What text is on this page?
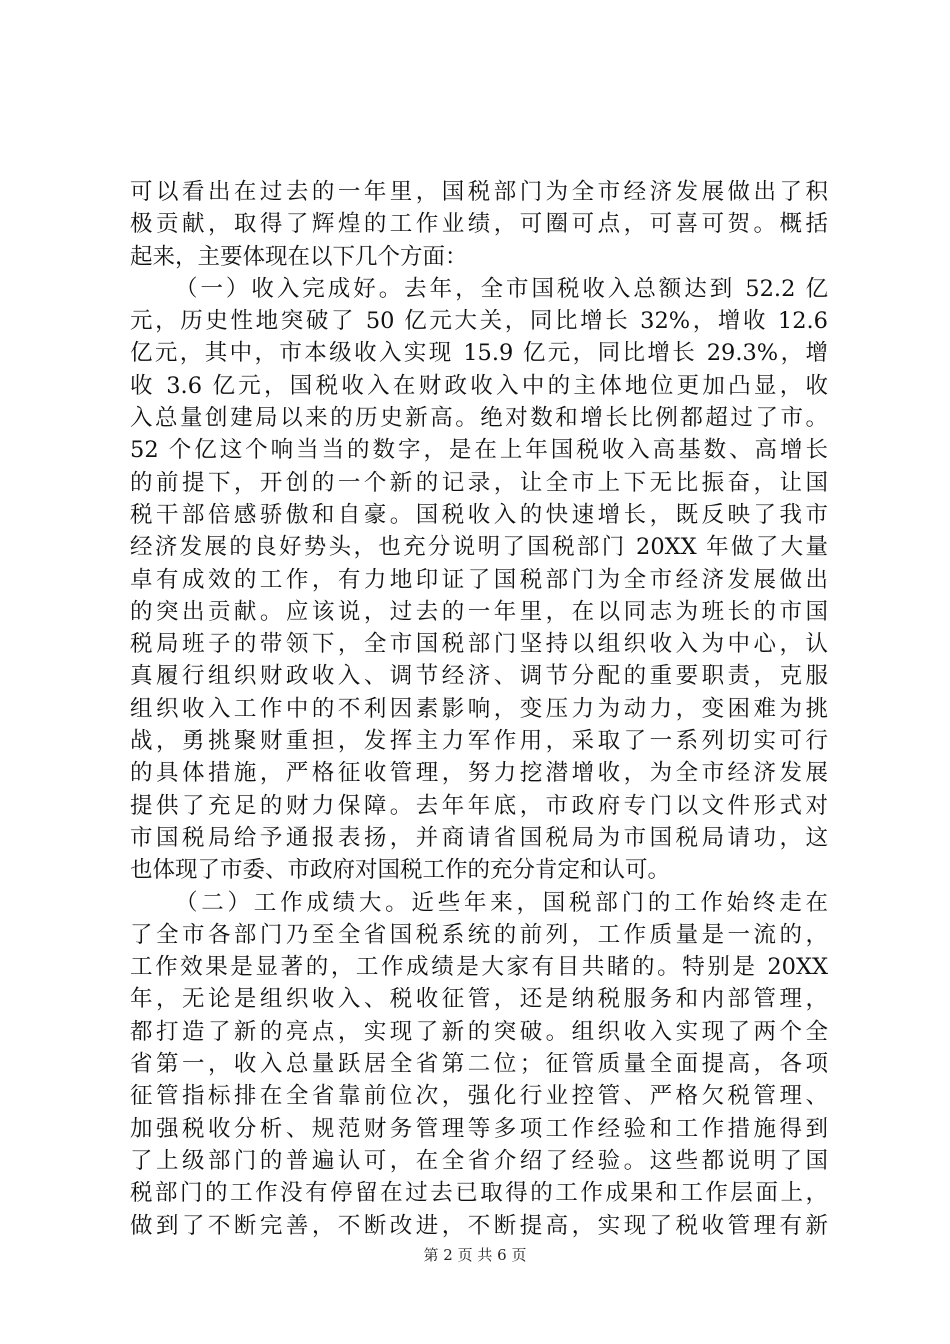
可以看出在过去的一年里，国税部门为全市经济发展做出了积
极贡献，取得了辉煌的工作业绩，可圈可点，可喜可贺。概括
起来，主要体现在以下几个方面：
（一）收入完成好。去年，全市国税收入总额达到 52.2 亿
元，历史性地突破了 50 亿元大关，同比增长 32%，增收 12.6
亿元，其中，市本级收入实现 15.9 亿元，同比增长 29.3%，增
收 3.6 亿元，国税收入在财政收入中的主体地位更加凸显，收
入总量创建局以来的历史新高。绝对数和增长比例都超过了市。
52 个亿这个响当当的数字，是在上年国税收入高基数、高增长
的前提下，开创的一个新的记录，让全市上下无比振奋，让国
税干部倍感骄傲和自豪。国税收入的快速增长，既反映了我市
经济发展的良好势头，也充分说明了国税部门 20XX 年做了大量
卓有成效的工作，有力地印证了国税部门为全市经济发展做出
的突出贡献。应该说，过去的一年里，在以同志为班长的市国
税局班子的带领下，全市国税部门坚持以组织收入为中心，认
真履行组织财政收入、调节经济、调节分配的重要职责，克服
组织收入工作中的不利因素影响，变压力为动力，变困难为挑
战，勇挑聚财重担，发挥主力军作用，采取了一系列切实可行
的具体措施，严格征收管理，努力挖潜增收，为全市经济发展
提供了充足的财力保障。去年年底，市政府专门以文件形式对
市国税局给予通报表扬，并商请省国税局为市国税局请功，这
也体现了市委、市政府对国税工作的充分肯定和认可。
（二）工作成绩大。近些年来，国税部门的工作始终走在
了全市各部门乃至全省国税系统的前列，工作质量是一流的，
工作效果是显著的，工作成绩是大家有目共睹的。特别是 20XX
年，无论是组织收入、税收征管，还是纳税服务和内部管理，
都打造了新的亮点，实现了新的突破。组织收入实现了两个全
省第一，收入总量跃居全省第二位；征管质量全面提高，各项
征管指标排在全省靠前位次，强化行业控管、严格欠税管理、
加强税收分析、规范财务管理等多项工作经验和工作措施得到
了上级部门的普遍认可，在全省介绍了经验。这些都说明了国
税部门的工作没有停留在过去已取得的工作成果和工作层面上，
做到了不断完善，不断改进，不断提高，实现了税收管理有新
第 2 页 共 6 页
